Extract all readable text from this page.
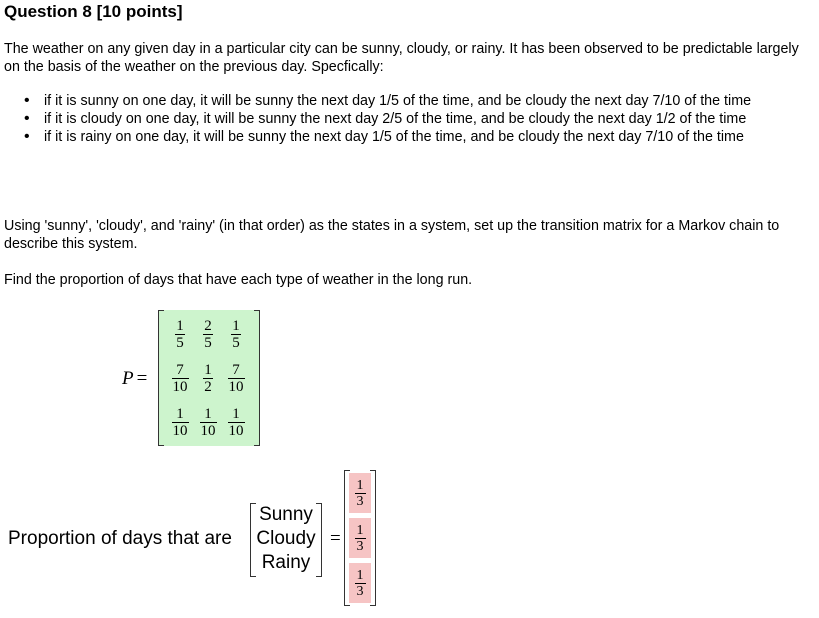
Question 8 [10 points]
The weather on any given day in a particular city can be sunny, cloudy, or rainy. It has been observed to be predictable largely on the basis of the weather on the previous day. Specfically:
• if it is sunny on one day, it will be sunny the next day 1/5 of the time, and be cloudy the next day 7/10 of the time
• if it is cloudy on one day, it will be sunny the next day 2/5 of the time, and be cloudy the next day 1/2 of the time
• if it is rainy on one day, it will be sunny the next day 1/5 of the time, and be cloudy the next day 7/10 of the time
Using 'sunny', 'cloudy', and 'rainy' (in that order) as the states in a system, set up the transition matrix for a Markov chain to describe this system.
Find the proportion of days that have each type of weather in the long run.
P =
$\frac{1}{5} \frac{2}{5} \frac{1}{5}$
$\frac{7}{10} \frac{1}{2} \frac{7}{10}$
$\frac{1}{10} \frac{1}{10} \frac{1}{10}$
Proportion of days that are
Sunny
Cloudy
Rainy
=
$\frac{1}{3}$
$\frac{1}{3}$
$\frac{1}{3}$
